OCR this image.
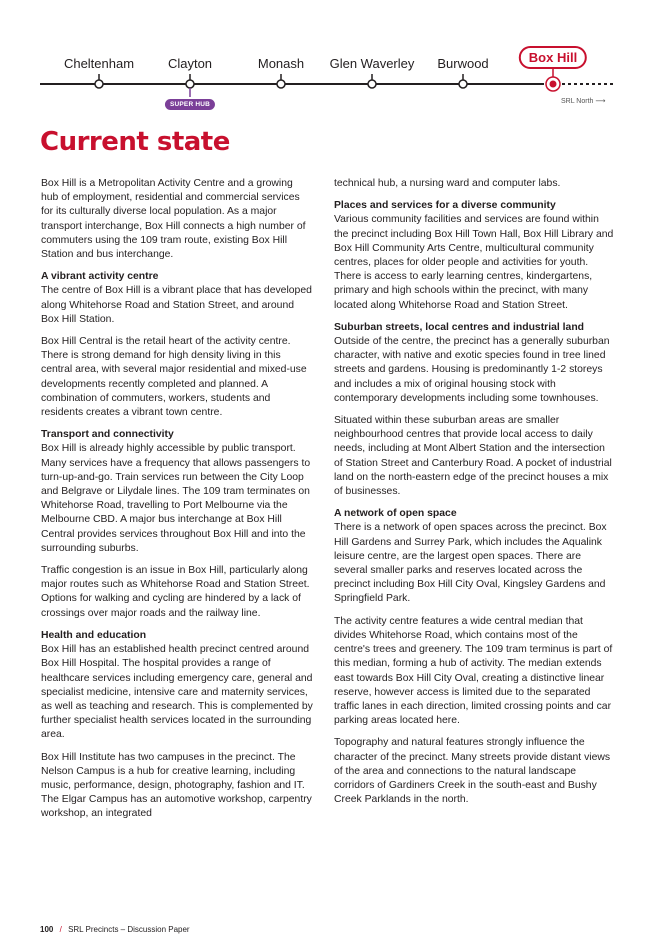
Cheltenham	Clayton	Monash Glen Waverley Burwood	Box Hill
SUPER HUB	SRL North ⟶
Current state

Box Hill is a Metropolitan Activity Centre and a growing hub of employment, residential and commercial services for its culturally diverse local population. As a major transport interchange, Box Hill connects a high number of commuters using the 109 tram route, existing Box Hill Station and bus interchange.

A vibrant activity centre

The centre of Box Hill is a vibrant place that has developed along Whitehorse Road and Station Street, and around Box Hill Station.

Box Hill Central is the retail heart of the activity centre. There is strong demand for high density living in this central area, with several major residential and mixed-use developments recently completed and planned. A combination of commuters, workers, students and residents creates a vibrant town centre.

Transport and connectivity

Box Hill is already highly accessible by public transport. Many services have a frequency that allows passengers to turn-up-and-go. Train services run between the City Loop and Belgrave or Lilydale lines. The 109 tram terminates on Whitehorse Road, travelling to Port Melbourne via the Melbourne CBD. A major bus interchange at Box Hill Central provides services throughout Box Hill and into the surrounding suburbs.

Traffic congestion is an issue in Box Hill, particularly along major routes such as Whitehorse Road and Station Street. Options for walking and cycling are hindered by a lack of crossings over major roads and the railway line.

Health and education

Box Hill has an established health precinct centred around Box Hill Hospital. The hospital provides a range of healthcare services including emergency care, general and specialist medicine, intensive care and maternity services, as well as teaching and research. This is complemented by further specialist health services located in the surrounding area.

Box Hill Institute has two campuses in the precinct. The Nelson Campus is a hub for creative learning, including music, performance, design, photography, fashion and IT. The Elgar Campus has an automotive workshop, carpentry workshop, an integrated

technical hub, a nursing ward and computer labs.

Places and services for a diverse community

Various community facilities and services are found within the precinct including Box Hill Town Hall, Box Hill Library and Box Hill Community Arts Centre, multicultural community centres, places for older people and activities for youth. There is access to early learning centres, kindergartens, primary and high schools within the precinct, with many located along Whitehorse Road and Station Street.

Suburban streets, local centres and industrial land

Outside of the centre, the precinct has a generally suburban character, with native and exotic species found in tree lined streets and gardens. Housing is predominantly 1-2 storeys and includes a mix of original housing stock with contemporary developments including some townhouses.

Situated within these suburban areas are smaller neighbourhood centres that provide local access to daily needs, including at Mont Albert Station and the intersection of Station Street and Canterbury Road. A pocket of industrial land on the north-eastern edge of the precinct houses a mix of businesses.

A network of open space

There is a network of open spaces across the precinct. Box Hill Gardens and Surrey Park, which includes the Aqualink leisure centre, are the largest open spaces. There are several smaller parks and reserves located across the precinct including Box Hill City Oval, Kingsley Gardens and Springfield Park.

The activity centre features a wide central median that divides Whitehorse Road, which contains most of the centre's trees and greenery. The 109 tram terminus is part of this median, forming a hub of activity. The median extends east towards Box Hill City Oval, creating a distinctive linear reserve, however access is limited due to the separated traffic lanes in each direction, limited crossing points and car parking areas located here.

Topography and natural features strongly influence the character of the precinct. Many streets provide distant views of the area and connections to the natural landscape corridors of Gardiners Creek in the south-east and Bushy Creek Parklands in the north.

100 / SRL Precincts – Discussion Paper
